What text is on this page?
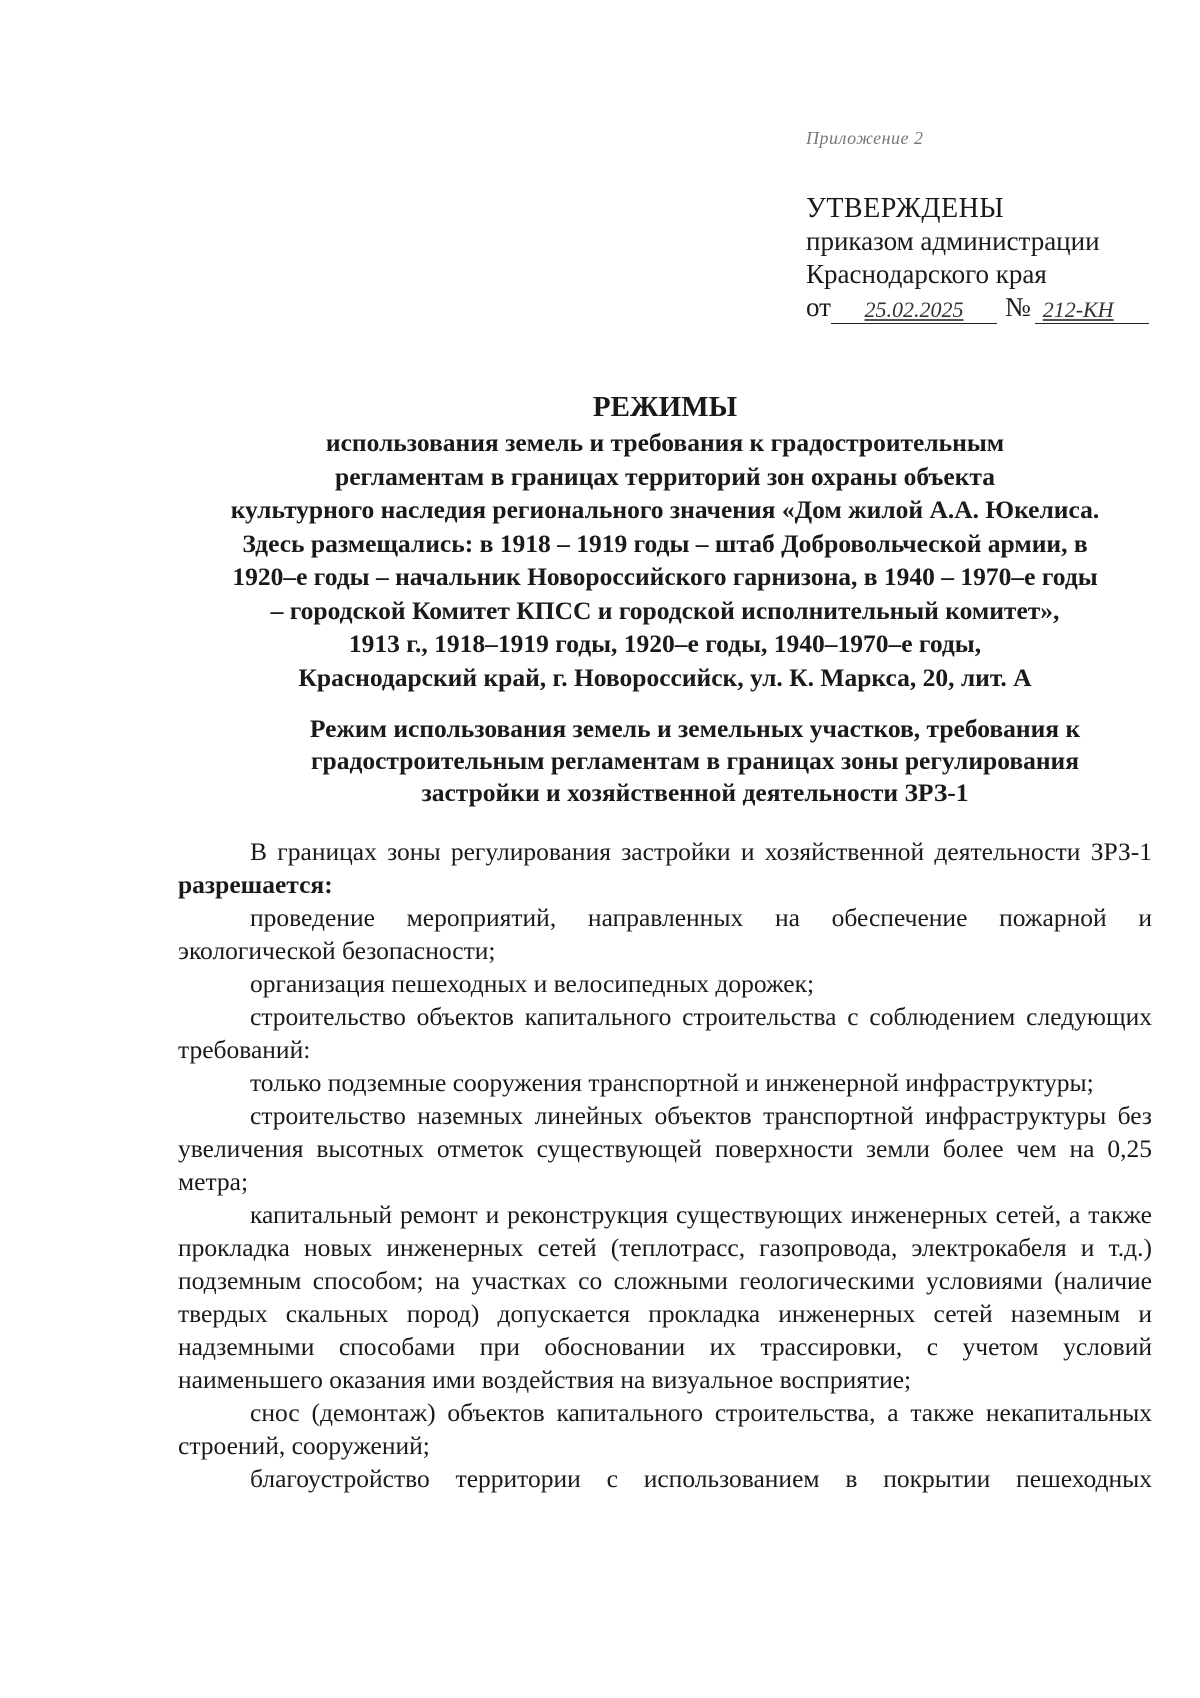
Приложение 2
УТВЕРЖДЕНЫ
приказом администрации
Краснодарского края
от	25.02.2025	№ 212-КН
РЕЖИМЫ
использования земель и требования к градостроительным
регламентам в границах территорий зон охраны объекта
культурного наследия регионального значения «Дом жилой А.А. Юкелиса.
Здесь размещались: в 1918 – 1919 годы – штаб Добровольческой армии, в
1920–е годы – начальник Новороссийского гарнизона, в 1940 – 1970–е годы
– городской Комитет КПСС и городской исполнительный комитет»,
1913 г., 1918–1919 годы, 1920–е годы, 1940–1970–е годы,
Краснодарский край, г. Новороссийск, ул. К. Маркса, 20, лит. А
Режим использования земель и земельных участков, требования к
градостроительным регламентам в границах зоны регулирования
застройки и хозяйственной деятельности ЗРЗ-1

В границах зоны регулирования застройки и хозяйственной деятельности ЗРЗ-1 разрешается:

проведение мероприятий, направленных на обеспечение пожарной и экологической безопасности;

организация пешеходных и велосипедных дорожек;

строительство объектов капитального строительства с соблюдением следующих требований:

только подземные сооружения транспортной и инженерной инфраструктуры;

строительство наземных линейных объектов транспортной инфраструктуры без увеличения высотных отметок существующей поверхности земли более чем на 0,25 метра;

капитальный ремонт и реконструкция существующих инженерных сетей, а также прокладка новых инженерных сетей (теплотрасс, газопровода, электрокабеля и т.д.) подземным способом; на участках со сложными геологическими условиями (наличие твердых скальных пород) допускается прокладка инженерных сетей наземным и надземными способами при обосновании их трассировки, с учетом условий наименьшего оказания ими воздействия на визуальное восприятие;

снос (демонтаж) объектов капитального строительства, а также некапитальных строений, сооружений;

благоустройство территории с использованием в покрытии пешеходных
